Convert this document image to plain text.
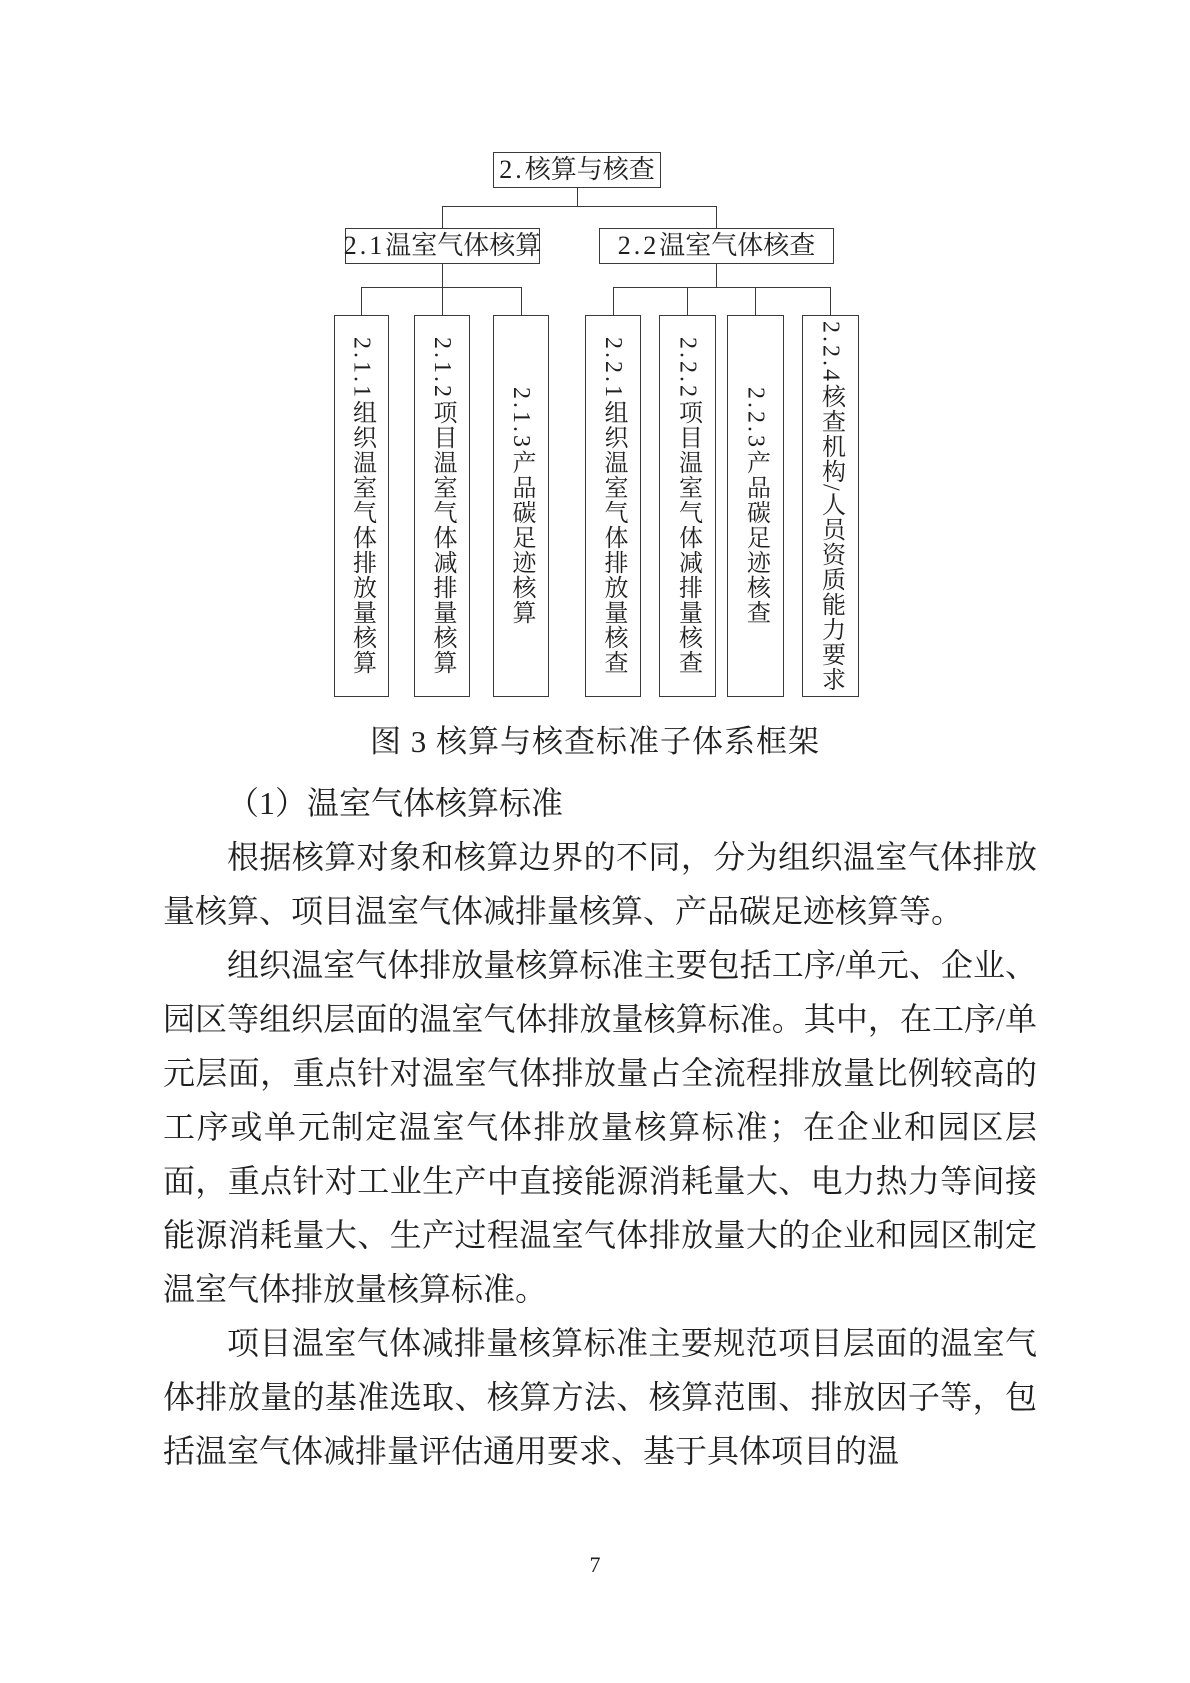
2. 核算与核查
2.1 温室气体核算	2.2 温室气体核查
2.1.1组织温室气体排放量核算
2.1.2项目温室气体减排量核算 2.1.3产品碳足迹核算
2.2.1组织温室气体排放量核查
2.2.2项目温室气体减排量核查 2.2.3产品碳足迹核查
2.2.4核查机构/人员资质能力要求
图 3 核算与核查标准子体系框架

（1）温室气体核算标准

根据核算对象和核算边界的不同，分为组织温室气体排放量核算、项目温室气体减排量核算、产品碳足迹核算等。

组织温室气体排放量核算标准主要包括工序/单元、企业、园区等组织层面的温室气体排放量核算标准。其中，在工序/单元层面，重点针对温室气体排放量占全流程排放量比例较高的工序或单元制定温室气体排放量核算标准；在企业和园区层面，重点针对工业生产中直接能源消耗量大、电力热力等间接能源消耗量大、生产过程温室气体排放量大的企业和园区制定温室气体排放量核算标准。

项目温室气体减排量核算标准主要规范项目层面的温室气体排放量的基准选取、核算方法、核算范围、排放因子等，包括温室气体减排量评估通用要求、基于具体项目的温

7
